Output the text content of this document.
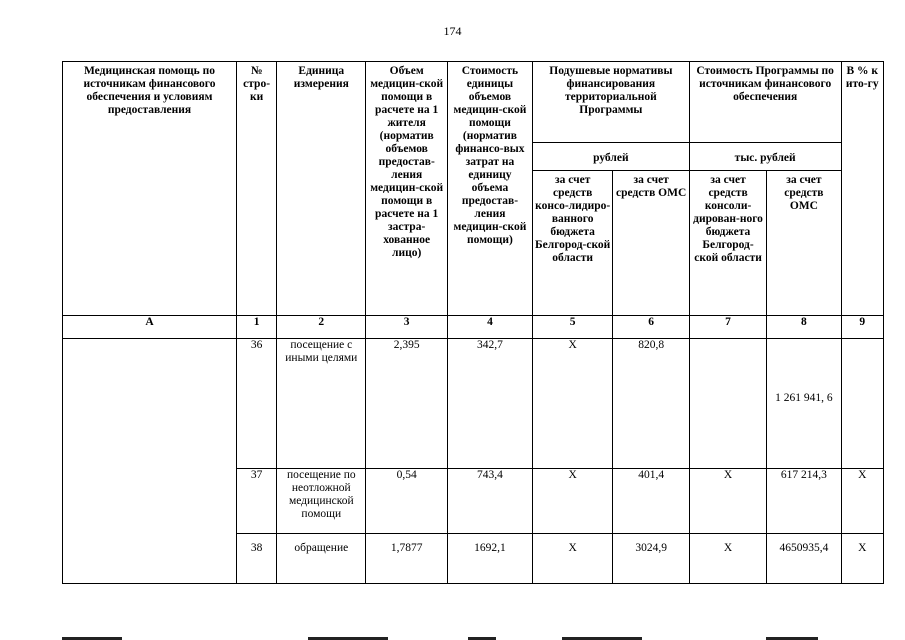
174
Медицинская помощь по источникам финансового обеспечения и условиям предоставления	№ стро-ки	Единица измерения	Объем медицин-ской помощи в расчете на 1 жителя (норматив объемов предостав-ления медицин-ской помощи в расчете на 1 застра-хованное лицо)	Стоимость единицы объемов медицин-ской помощи (норматив финансо-вых затрат на единицу объема предостав-ления медицин-ской помощи)	Подушевые нормативы финансирования территориальной Программы		Стоимость Программы по источникам финансового обеспечения		В % к ито-гу
					рублей		тыс. рублей		
					за счет средств консо-лидиро-ванного бюджета Белгород-ской области	за счет средств ОМС	за счет средств консоли-дирован-ного бюджета Белгород-ской области	за счет средств ОМС	
А	1	2	3	4	5	6	7	8	9
	36	посещение с иными целями	2,395	342,7	X	820,8		1 261 941, 6	
	37	посещение по неотложной медицинской помощи	0,54	743,4	X	401,4	X	617 214,3	X
	38	обращение	1,7877	1692,1	X	3024,9	X	4650935,4	X
